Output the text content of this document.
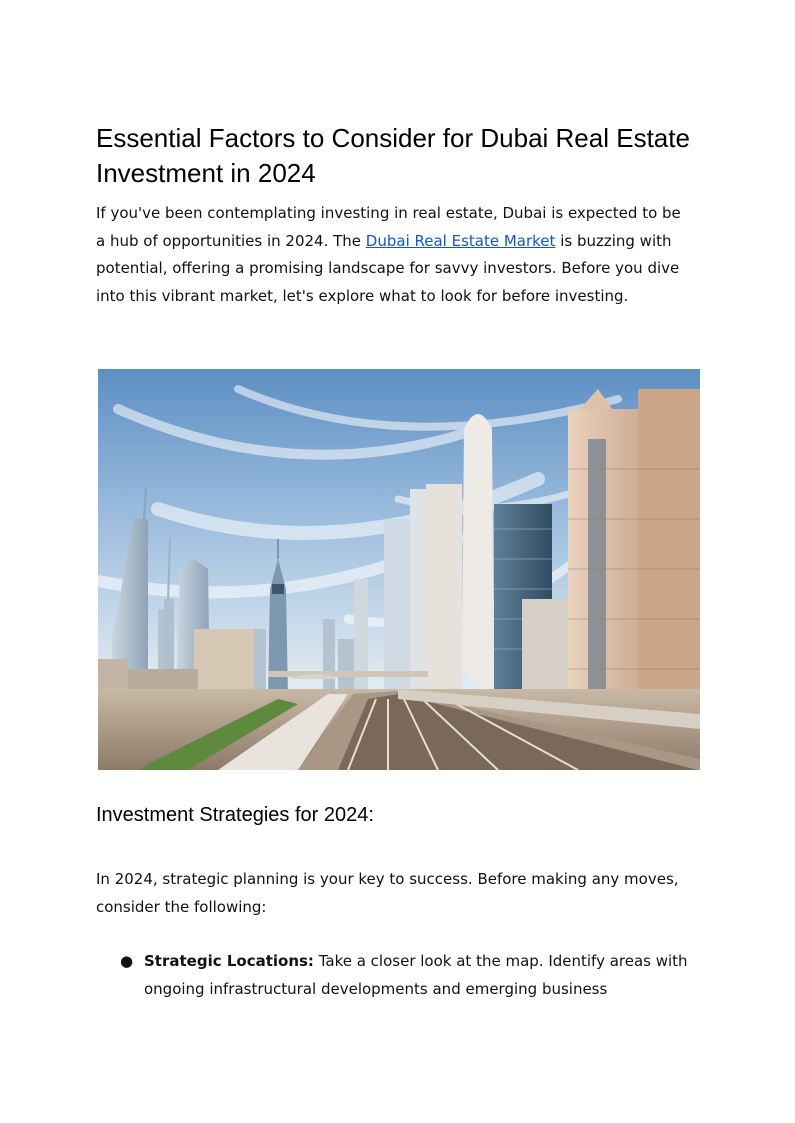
Essential Factors to Consider for Dubai Real Estate Investment in 2024

If you've been contemplating investing in real estate, Dubai is expected to be a hub of opportunities in 2024. The Dubai Real Estate Market is buzzing with potential, offering a promising landscape for savvy investors. Before you dive into this vibrant market, let's explore what to look for before investing.

Investment Strategies for 2024:

In 2024, strategic planning is your key to success. Before making any moves, consider the following:

● Strategic Locations: Take a closer look at the map. Identify areas with ongoing infrastructural developments and emerging business
